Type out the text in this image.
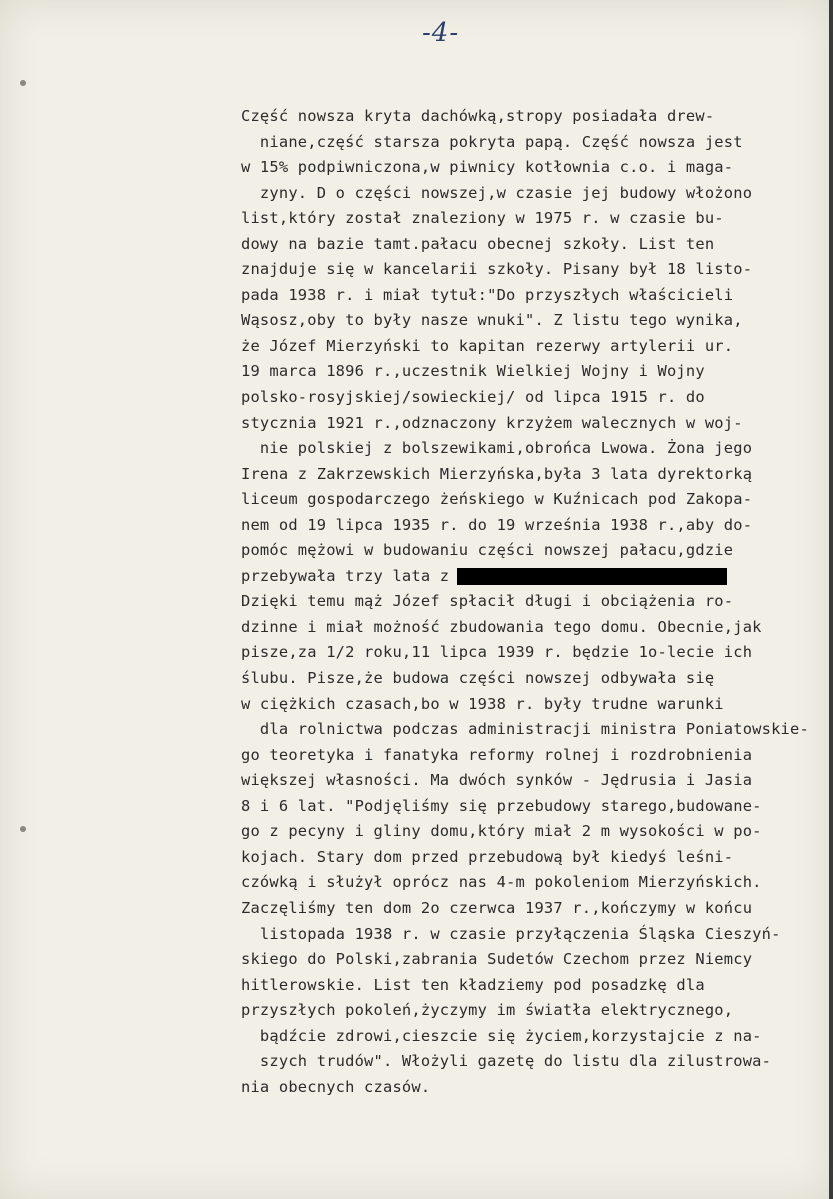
-4-
Część nowsza kryta dachówką,stropy posiadała drew-
niane,część starsza pokryta papą. Część nowsza jest
w 15% podpiwniczona,w piwnicy kotłownia c.o. i maga-
zyny. D o części nowszej,w czasie jej budowy włożono
list,który został znaleziony w 1975 r. w czasie bu-
dowy na bazie tamt.pałacu obecnej szkoły. List ten
znajduje się w kancelarii szkoły. Pisany był 18 listo-
pada 1938 r. i miał tytuł:"Do przyszłych właścicieli
Wąsosz,oby to były nasze wnuki". Z listu tego wynika,
że Józef Mierzyński to kapitan rezerwy artylerii ur.
19 marca 1896 r.,uczestnik Wielkiej Wojny i Wojny
polsko-rosyjskiej/sowieckiej/ od lipca 1915 r. do
stycznia 1921 r.,odznaczony krzyżem walecznych w woj-
nie polskiej z bolszewikami,obrońca Lwowa. Żona jego
Irena z Zakrzewskich Mierzyńska,była 3 lata dyrektorką
liceum gospodarczego żeńskiego w Kuźnicach pod Zakopa-
nem od 19 lipca 1935 r. do 19 września 1938 r.,aby do-
pomóc mężowi w budowaniu części nowszej pałacu,gdzie
przebywała trzy lata z
Dzięki temu mąż Józef spłacił długi i obciążenia ro-
dzinne i miał możność zbudowania tego domu. Obecnie,jak
pisze,za 1/2 roku,11 lipca 1939 r. będzie 1o-lecie ich
ślubu. Pisze,że budowa części nowszej odbywała się
w ciężkich czasach,bo w 1938 r. były trudne warunki
dla rolnictwa podczas administracji ministra Poniatowskie-
go teoretyka i fanatyka reformy rolnej i rozdrobnienia
większej własności. Ma dwóch synków - Jędrusia i Jasia
8 i 6 lat. "Podjęliśmy się przebudowy starego,budowane-
go z pecyny i gliny domu,który miał 2 m wysokości w po-
kojach. Stary dom przed przebudową był kiedyś leśni-
czówką i służył oprócz nas 4-m pokoleniom Mierzyńskich.
Zaczęliśmy ten dom 2o czerwca 1937 r.,kończymy w końcu
listopada 1938 r. w czasie przyłączenia Śląska Cieszyń-
skiego do Polski,zabrania Sudetów Czechom przez Niemcy
hitlerowskie. List ten kładziemy pod posadzkę dla
przyszłych pokoleń,życzymy im światła elektrycznego,
bądźcie zdrowi,cieszcie się życiem,korzystajcie z na-
szych trudów". Włożyli gazetę do listu dla zilustrowa-
nia obecnych czasów.
